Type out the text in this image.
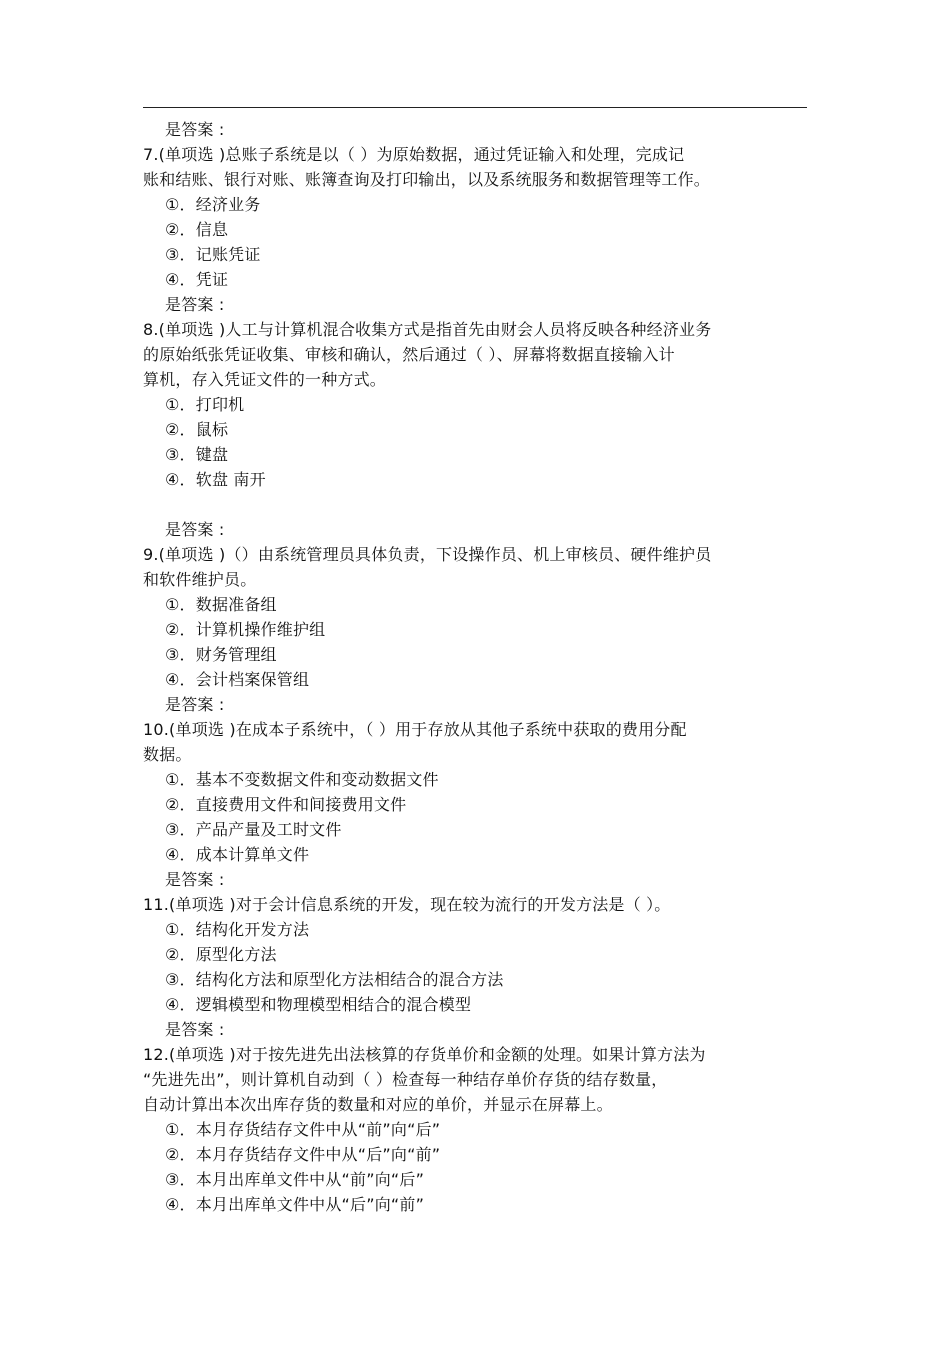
是答案 :
7.(单项选 )总账子系统是以（ ）为原始数据，通过凭证输入和处理，完成记
账和结账、银行对账、账簿查询及打印输出，以及系统服务和数据管理等工作。
①．经济业务
②．信息
③．记账凭证
④．凭证
是答案 :
8.(单项选 )人工与计算机混合收集方式是指首先由财会人员将反映各种经济业务
的原始纸张凭证收集、审核和确认，然后通过（ ）、屏幕将数据直接输入计
算机，存入凭证文件的一种方式。
①．打印机
②．鼠标
③．键盘
④．软盘 南开
是答案 :
9.(单项选 )（）由系统管理员具体负责，下设操作员、机上审核员、硬件维护员
和软件维护员。
①．数据准备组
②．计算机操作维护组
③．财务管理组
④．会计档案保管组
是答案 :
10.(单项选 )在成本子系统中，（ ）用于存放从其他子系统中获取的费用分配
数据。
①．基本不变数据文件和变动数据文件
②．直接费用文件和间接费用文件
③．产品产量及工时文件
④．成本计算单文件
是答案 :
11.(单项选 )对于会计信息系统的开发，现在较为流行的开发方法是（ ）。
①．结构化开发方法
②．原型化方法
③．结构化方法和原型化方法相结合的混合方法
④．逻辑模型和物理模型相结合的混合模型
是答案 :
12.(单项选 )对于按先进先出法核算的存货单价和金额的处理。如果计算方法为
“先进先出”，则计算机自动到（ ）检查每一种结存单价存货的结存数量，
自动计算出本次出库存货的数量和对应的单价，并显示在屏幕上。
①．本月存货结存文件中从“前”向“后”
②．本月存货结存文件中从“后”向“前”
③．本月出库单文件中从“前”向“后”
④．本月出库单文件中从“后”向“前”
